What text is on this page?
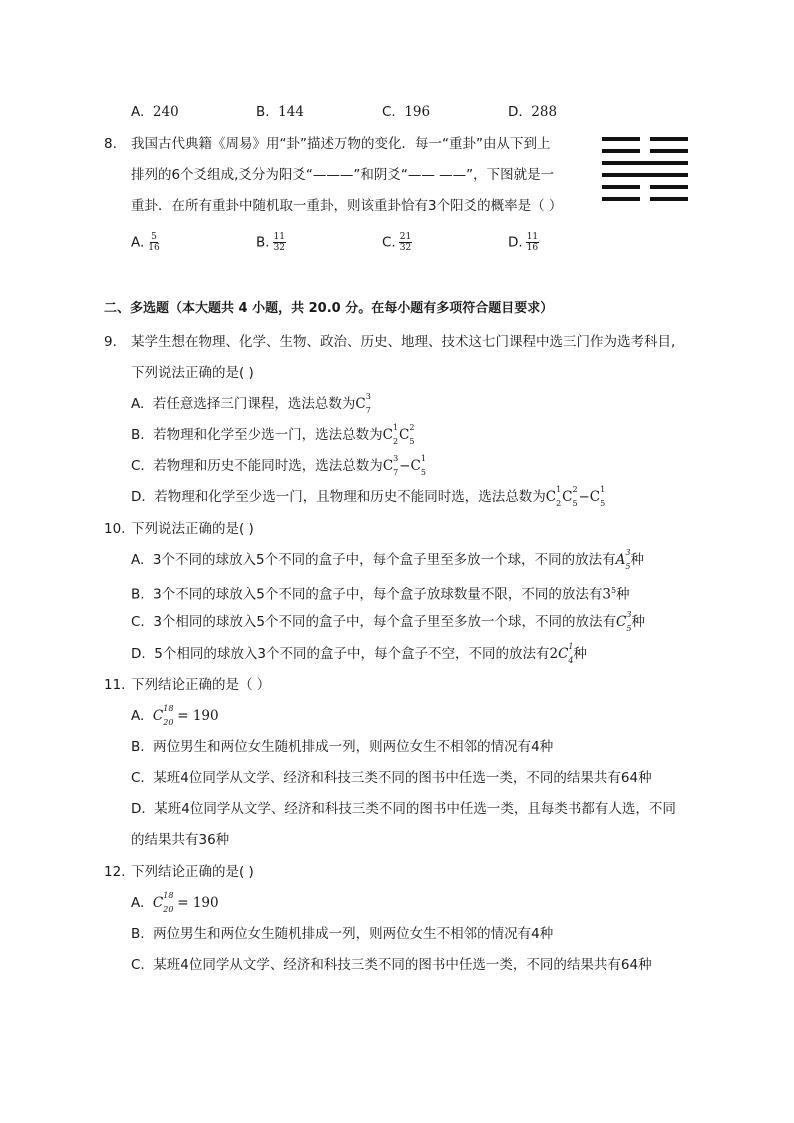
A. 240	B. 144	C. 196	D. 288
8. 我国古代典籍《周易》用“卦”描述万物的变化．每一“重卦”由从下到上
排列的6个爻组成,爻分为阳爻“———”和阴爻“—— ——”，下图就是一
重卦．在所有重卦中随机取一重卦，则该重卦恰有3个阳爻的概率是（ ）
A. $\frac{5}{16}$	B. $\frac{11}{32}$	C. $\frac{21}{32}$	D. $\frac{11}{16}$
二、多选题（本大题共 4 小题，共 20.0 分。在每小题有多项符合题目要求）
9. 某学生想在物理、化学、生物、政治、历史、地理、技术这七门课程中选三门作为选考科目,
下列说法正确的是( )
A. 若任意选择三门课程，选法总数为C 3
7
B. 若物理和化学至少选一门，选法总数为C 1
2 C 2
5
C. 若物理和历史不能同时选，选法总数为C 3
7 −C 1
5
D. 若物理和化学至少选一门，且物理和历史不能同时选，选法总数为C 1
2 C 2
5 −C 1
5
10. 下列说法正确的是( )
A. 3个不同的球放入5个不同的盒子中，每个盒子里至多放一个球，不同的放法有A 3
5 种
B. 3个不同的球放入5个不同的盒子中，每个盒子放球数量不限，不同的放法有$3^5$种
C. 3个相同的球放入5个不同的盒子中，每个盒子里至多放一个球，不同的放法有C 3
5 种
D. 5个相同的球放入3个不同的盒子中，每个盒子不空，不同的放法有2C 1
4 种
11. 下列结论正确的是（ ）
A. C 18
20 = 190
B. 两位男生和两位女生随机排成一列，则两位女生不相邻的情况有4种
C. 某班4位同学从文学、经济和科技三类不同的图书中任选一类，不同的结果共有64种
D. 某班4位同学从文学、经济和科技三类不同的图书中任选一类，且每类书都有人选，不同
的结果共有36种
12. 下列结论正确的是( )
A. C 18
20 = 190
B. 两位男生和两位女生随机排成一列，则两位女生不相邻的情况有4种
C. 某班4位同学从文学、经济和科技三类不同的图书中任选一类，不同的结果共有64种
